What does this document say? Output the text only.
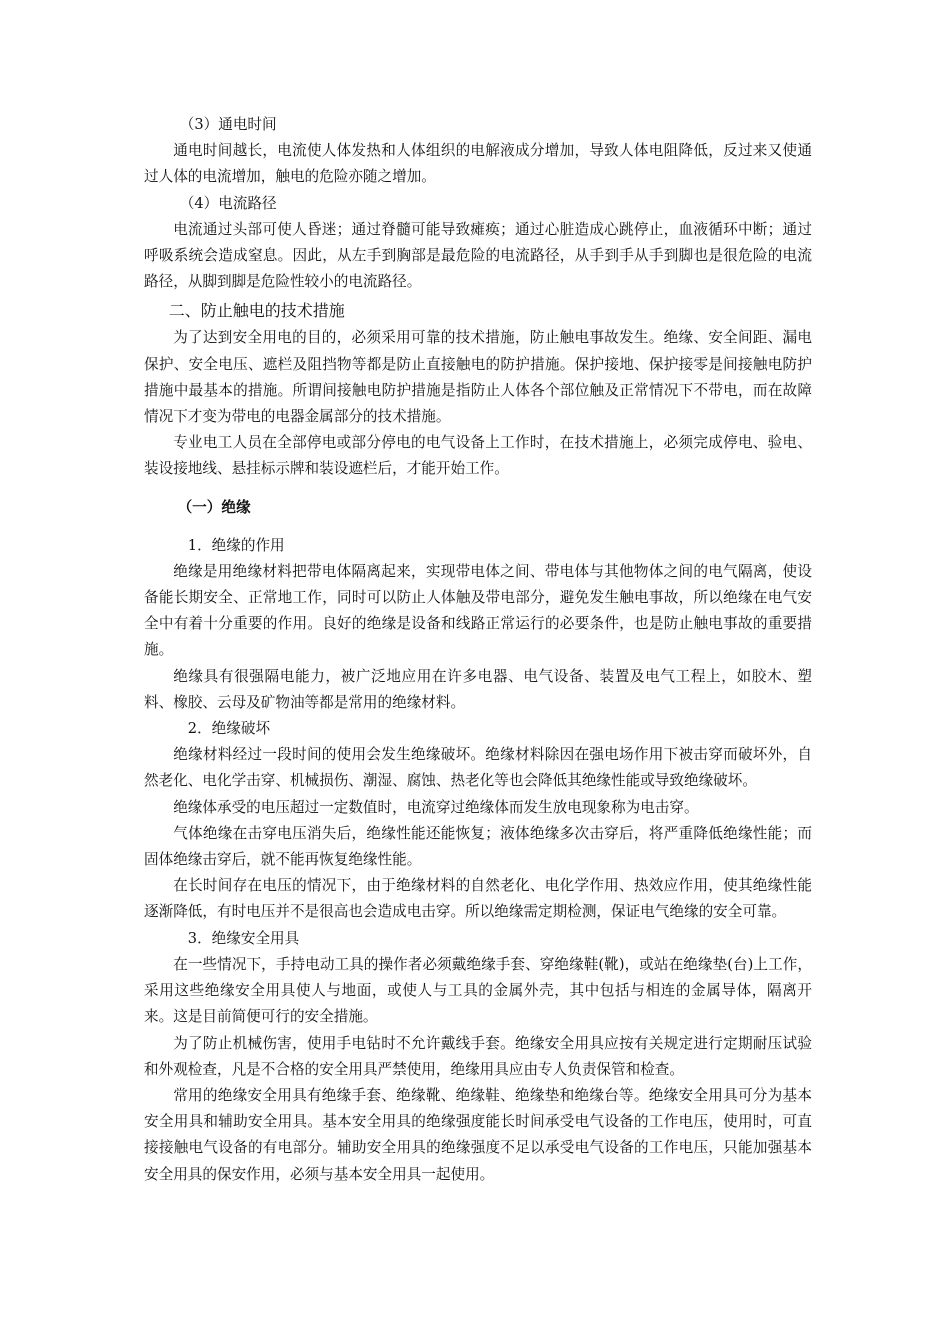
（3）通电时间

通电时间越长，电流使人体发热和人体组织的电解液成分增加，导致人体电阻降低，反过来又使通过人体的电流增加，触电的危险亦随之增加。

（4）电流路径

电流通过头部可使人昏迷；通过脊髓可能导致瘫痪；通过心脏造成心跳停止，血液循环中断；通过呼吸系统会造成窒息。因此，从左手到胸部是最危险的电流路径，从手到手从手到脚也是很危险的电流路径，从脚到脚是危险性较小的电流路径。

二、防止触电的技术措施

为了达到安全用电的目的，必须采用可靠的技术措施，防止触电事故发生。绝缘、安全间距、漏电保护、安全电压、遮栏及阻挡物等都是防止直接触电的防护措施。保护接地、保护接零是间接触电防护措施中最基本的措施。所谓间接触电防护措施是指防止人体各个部位触及正常情况下不带电，而在故障情况下才变为带电的电器金属部分的技术措施。

专业电工人员在全部停电或部分停电的电气设备上工作时，在技术措施上，必须完成停电、验电、装设接地线、悬挂标示牌和装设遮栏后，才能开始工作。

（一）绝缘

1．绝缘的作用

绝缘是用绝缘材料把带电体隔离起来，实现带电体之间、带电体与其他物体之间的电气隔离，使设备能长期安全、正常地工作，同时可以防止人体触及带电部分，避免发生触电事故，所以绝缘在电气安全中有着十分重要的作用。良好的绝缘是设备和线路正常运行的必要条件，也是防止触电事故的重要措施。

绝缘具有很强隔电能力，被广泛地应用在许多电器、电气设备、装置及电气工程上，如胶木、塑料、橡胶、云母及矿物油等都是常用的绝缘材料。

2．绝缘破坏

绝缘材料经过一段时间的使用会发生绝缘破坏。绝缘材料除因在强电场作用下被击穿而破坏外，自然老化、电化学击穿、机械损伤、潮湿、腐蚀、热老化等也会降低其绝缘性能或导致绝缘破坏。

绝缘体承受的电压超过一定数值时，电流穿过绝缘体而发生放电现象称为电击穿。

气体绝缘在击穿电压消失后，绝缘性能还能恢复；液体绝缘多次击穿后，将严重降低绝缘性能；而固体绝缘击穿后，就不能再恢复绝缘性能。

在长时间存在电压的情况下，由于绝缘材料的自然老化、电化学作用、热效应作用，使其绝缘性能逐渐降低，有时电压并不是很高也会造成电击穿。所以绝缘需定期检测，保证电气绝缘的安全可靠。

3．绝缘安全用具

在一些情况下，手持电动工具的操作者必须戴绝缘手套、穿绝缘鞋(靴)，或站在绝缘垫(台)上工作，采用这些绝缘安全用具使人与地面，或使人与工具的金属外壳，其中包括与相连的金属导体，隔离开来。这是目前简便可行的安全措施。

为了防止机械伤害，使用手电钻时不允许戴线手套。绝缘安全用具应按有关规定进行定期耐压试验和外观检查，凡是不合格的安全用具严禁使用，绝缘用具应由专人负责保管和检查。

常用的绝缘安全用具有绝缘手套、绝缘靴、绝缘鞋、绝缘垫和绝缘台等。绝缘安全用具可分为基本安全用具和辅助安全用具。基本安全用具的绝缘强度能长时间承受电气设备的工作电压，使用时，可直接接触电气设备的有电部分。辅助安全用具的绝缘强度不足以承受电气设备的工作电压，只能加强基本安全用具的保安作用，必须与基本安全用具一起使用。
